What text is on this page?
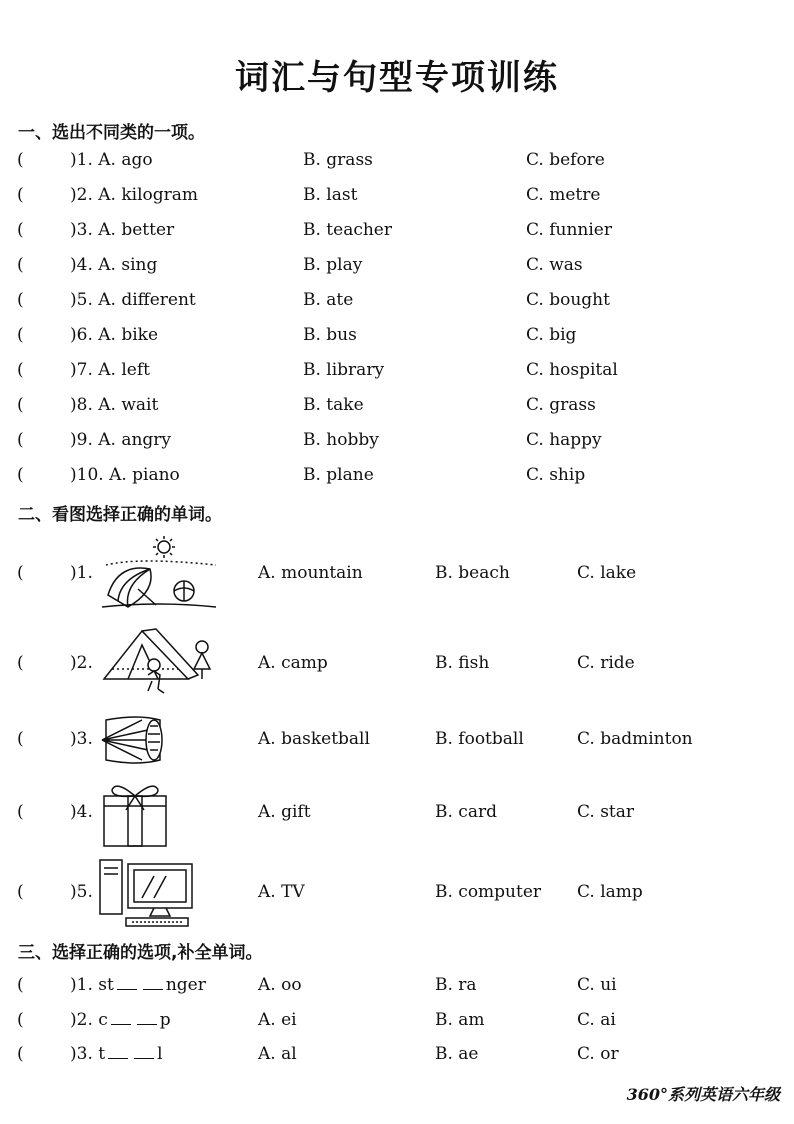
词汇与句型专项训练
一、选出不同类的一项。
(	)1. A. ago	B. grass	C. before
(	)2. A. kilogram	B. last	C. metre
(	)3. A. better	B. teacher	C. funnier
(	)4. A. sing	B. play	C. was
(	)5. A. different	B. ate	C. bought
(	)6. A. bike	B. bus	C. big
(	)7. A. left	B. library	C. hospital
(	)8. A. wait	B. take	C. grass
(	)9. A. angry	B. hobby	C. happy
(	)10. A. piano	B. plane	C. ship
二、看图选择正确的单词。
(	)1.	A. mountain	B. beach	C. lake
(	)2.	A. camp	B. fish	C. ride
(	)3.	A. basketball	B. football	C. badminton
(	)4.	A. gift	B. card	C. star
(	)5.	A. TV	B. computer C. lamp
三、选择正确的选项,补全单词。
(	)1. st	nger	A. oo	B. ra	C. ui
(	)2. c	p	A. ei	B. am	C. ai
(	)3. t	l	A. al	B. ae	C. or
360°系列英语六年级
